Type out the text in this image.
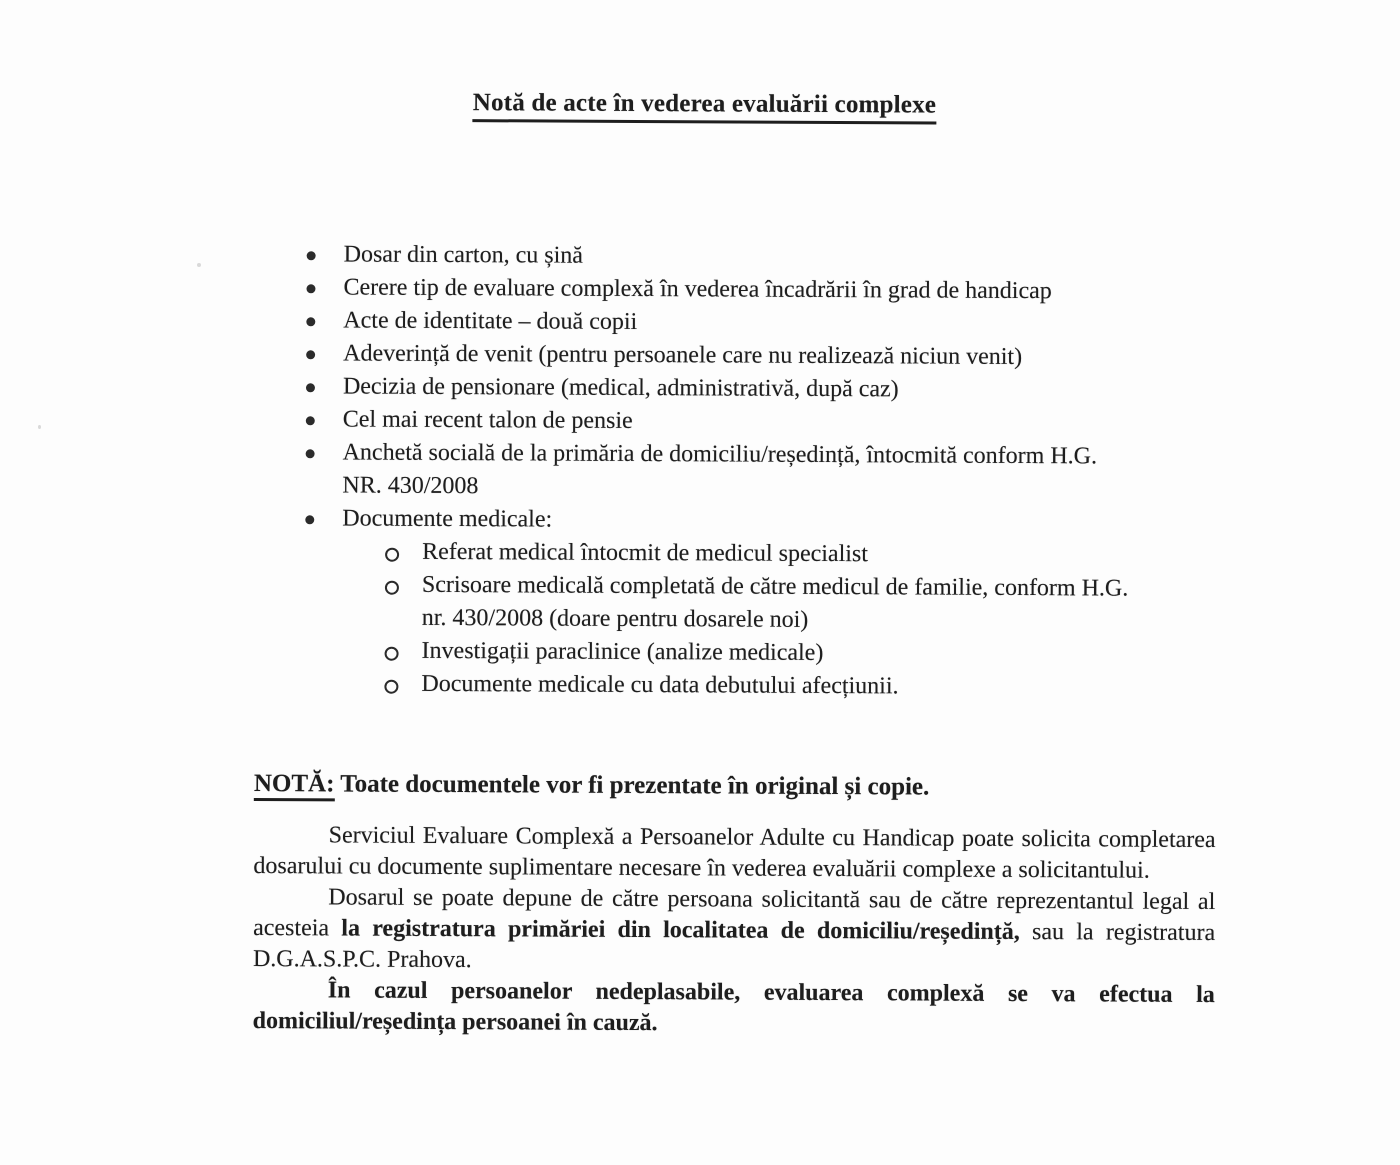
Notă de acte în vederea evaluării complexe
Dosar din carton, cu șină
Cerere tip de evaluare complexă în vederea încadrării în grad de handicap
Acte de identitate – două copii
Adeverință de venit (pentru persoanele care nu realizează niciun venit)
Decizia de pensionare (medical, administrativă, după caz)
Cel mai recent talon de pensie
Anchetă socială de la primăria de domiciliu/reședință, întocmită conform H.G.
NR. 430/2008
Documente medicale:
Referat medical întocmit de medicul specialist
Scrisoare medicală completată de către medicul de familie, conform H.G.
nr. 430/2008 (doare pentru dosarele noi)
Investigații paraclinice (analize medicale)
Documente medicale cu data debutului afecțiunii.

NOTĂ: Toate documentele vor fi prezentate în original și copie.

Serviciul Evaluare Complexă a Persoanelor Adulte cu Handicap poate solicita completarea dosarului cu documente suplimentare necesare în vederea evaluării complexe a solicitantului.

Dosarul se poate depune de către persoana solicitantă sau de către reprezentantul legal al acesteia la registratura primăriei din localitatea de domiciliu/reședință, sau la registratura D.G.A.S.P.C. Prahova.

În cazul persoanelor nedeplasabile, evaluarea complexă se va efectua la domiciliul/reședința persoanei în cauză.
